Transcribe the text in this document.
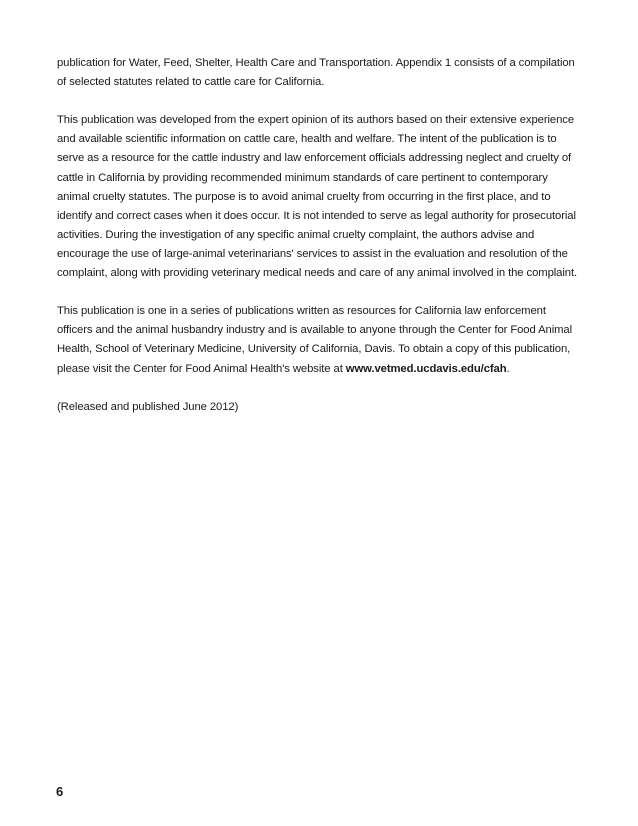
publication for Water, Feed, Shelter, Health Care and Transportation. Appendix 1 consists of a compilation of selected statutes related to cattle care for California.

This publication was developed from the expert opinion of its authors based on their extensive experience and available scientific information on cattle care, health and welfare. The intent of the publication is to serve as a resource for the cattle industry and law enforcement officials addressing neglect and cruelty of cattle in California by providing recommended minimum standards of care pertinent to contemporary animal cruelty statutes. The purpose is to avoid animal cruelty from occurring in the first place, and to identify and correct cases when it does occur. It is not intended to serve as legal authority for prosecutorial activities. During the investigation of any specific animal cruelty complaint, the authors advise and encourage the use of large-animal veterinarians' services to assist in the evaluation and resolution of the complaint, along with providing veterinary medical needs and care of any animal involved in the complaint.

This publication is one in a series of publications written as resources for California law enforcement officers and the animal husbandry industry and is available to anyone through the Center for Food Animal Health, School of Veterinary Medicine, University of California, Davis. To obtain a copy of this publication, please visit the Center for Food Animal Health's website at www.vetmed.ucdavis.edu/cfah.

(Released and published June 2012)

6
